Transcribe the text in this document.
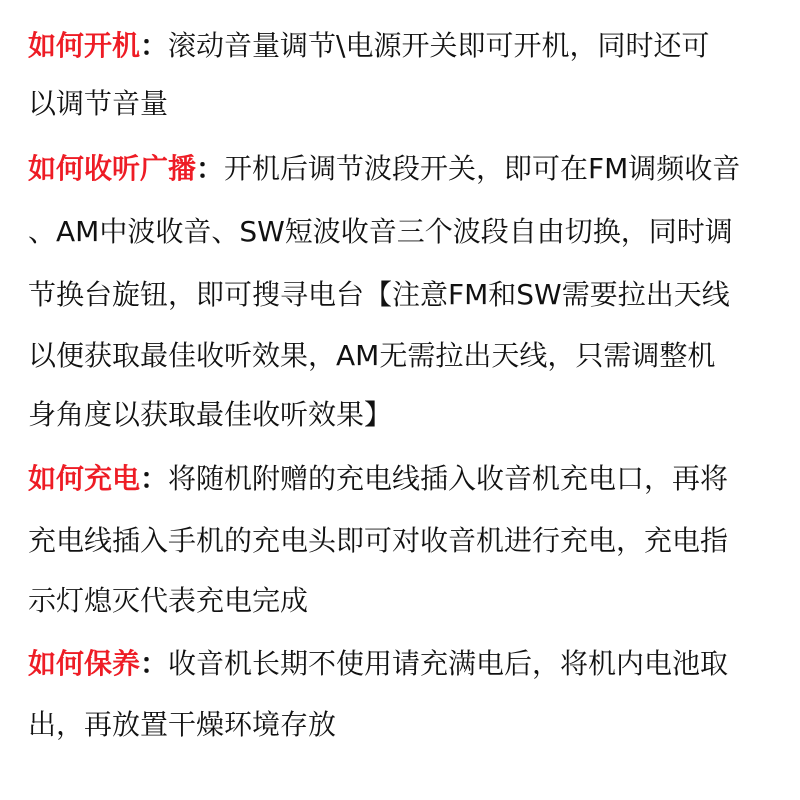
如何开机：滚动音量调节\电源开关即可开机，同时还可
以调节音量
如何收听广播：开机后调节波段开关，即可在FM调频收音
、AM中波收音、SW短波收音三个波段自由切换，同时调
节换台旋钮，即可搜寻电台【注意FM和SW需要拉出天线
以便获取最佳收听效果，AM无需拉出天线，只需调整机
身角度以获取最佳收听效果】
如何充电：将随机附赠的充电线插入收音机充电口，再将
充电线插入手机的充电头即可对收音机进行充电，充电指
示灯熄灭代表充电完成
如何保养：收音机长期不使用请充满电后，将机内电池取
出，再放置干燥环境存放
